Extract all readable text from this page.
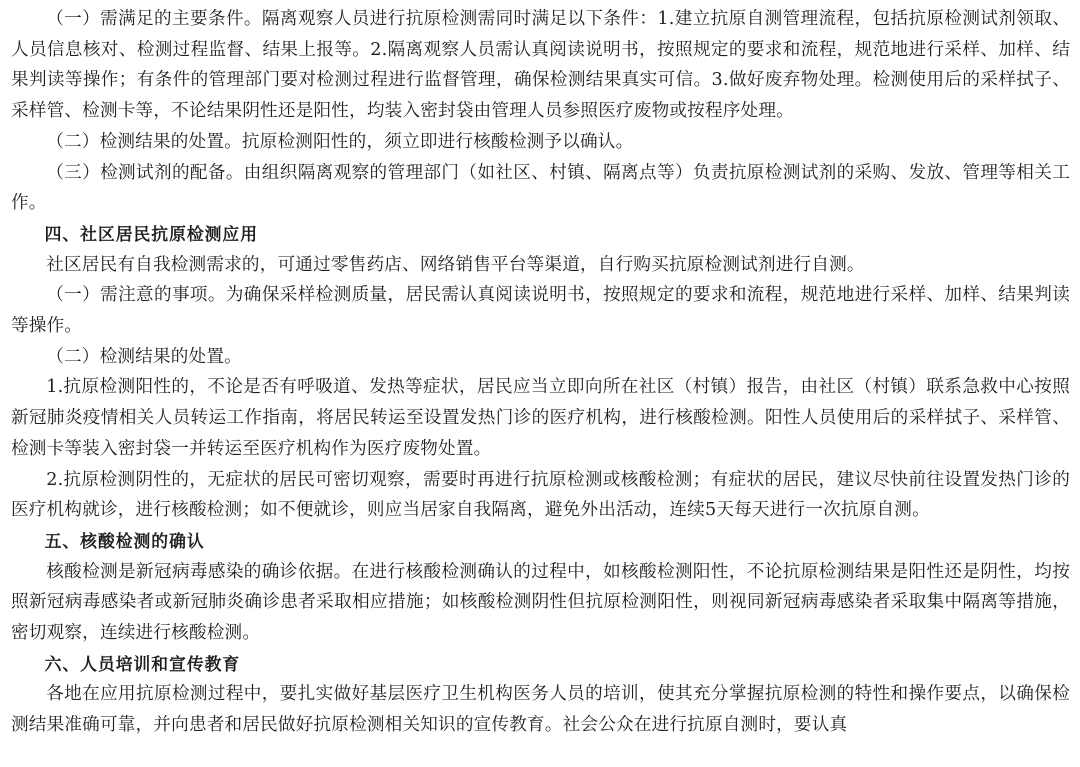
（一）需满足的主要条件。隔离观察人员进行抗原检测需同时满足以下条件：1.建立抗原自测管理流程，包括抗原检测试剂领取、人员信息核对、检测过程监督、结果上报等。2.隔离观察人员需认真阅读说明书，按照规定的要求和流程，规范地进行采样、加样、结果判读等操作；有条件的管理部门要对检测过程进行监督管理，确保检测结果真实可信。3.做好废弃物处理。检测使用后的采样拭子、采样管、检测卡等，不论结果阴性还是阳性，均装入密封袋由管理人员参照医疗废物或按程序处理。

（二）检测结果的处置。抗原检测阳性的，须立即进行核酸检测予以确认。

（三）检测试剂的配备。由组织隔离观察的管理部门（如社区、村镇、隔离点等）负责抗原检测试剂的采购、发放、管理等相关工作。

四、社区居民抗原检测应用

社区居民有自我检测需求的，可通过零售药店、网络销售平台等渠道，自行购买抗原检测试剂进行自测。

（一）需注意的事项。为确保采样检测质量，居民需认真阅读说明书，按照规定的要求和流程，规范地进行采样、加样、结果判读等操作。

（二）检测结果的处置。

1.抗原检测阳性的，不论是否有呼吸道、发热等症状，居民应当立即向所在社区（村镇）报告，由社区（村镇）联系急救中心按照新冠肺炎疫情相关人员转运工作指南，将居民转运至设置发热门诊的医疗机构，进行核酸检测。阳性人员使用后的采样拭子、采样管、检测卡等装入密封袋一并转运至医疗机构作为医疗废物处置。

2.抗原检测阴性的，无症状的居民可密切观察，需要时再进行抗原检测或核酸检测；有症状的居民，建议尽快前往设置发热门诊的医疗机构就诊，进行核酸检测；如不便就诊，则应当居家自我隔离，避免外出活动，连续5天每天进行一次抗原自测。

五、核酸检测的确认

核酸检测是新冠病毒感染的确诊依据。在进行核酸检测确认的过程中，如核酸检测阳性，不论抗原检测结果是阳性还是阴性，均按照新冠病毒感染者或新冠肺炎确诊患者采取相应措施；如核酸检测阴性但抗原检测阳性，则视同新冠病毒感染者采取集中隔离等措施，密切观察，连续进行核酸检测。

六、人员培训和宣传教育

各地在应用抗原检测过程中，要扎实做好基层医疗卫生机构医务人员的培训，使其充分掌握抗原检测的特性和操作要点，以确保检测结果准确可靠，并向患者和居民做好抗原检测相关知识的宣传教育。社会公众在进行抗原自测时，要认真
